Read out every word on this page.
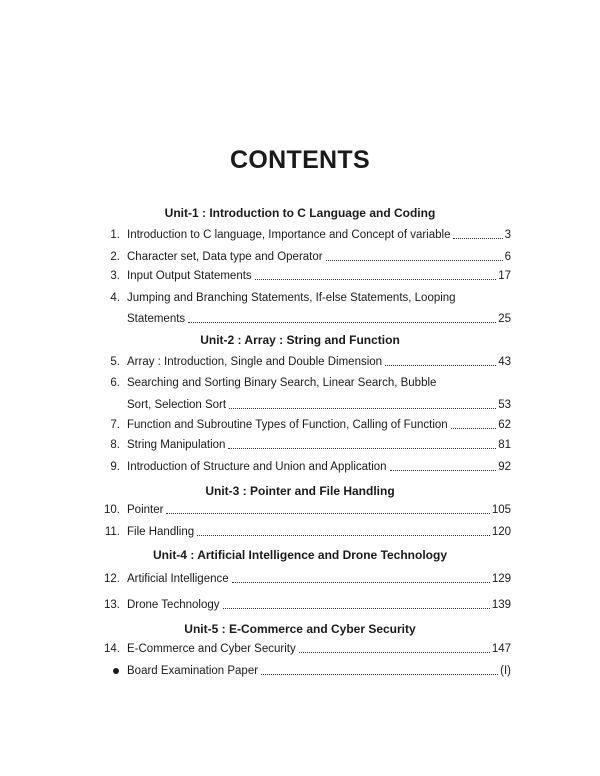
CONTENTS
Unit-1 : Introduction to C Language and Coding
1. Introduction to C language, Importance and Concept of variable	3
2. Character set, Data type and Operator	6
3. Input Output Statements	17
4. Jumping and Branching Statements, If-else Statements, Looping
Statements	25
Unit-2 : Array : String and Function
5. Array : Introduction, Single and Double Dimension	43
6. Searching and Sorting Binary Search, Linear Search, Bubble
Sort, Selection Sort	53
7. Function and Subroutine Types of Function, Calling of Function	62
8. String Manipulation	81
9. Introduction of Structure and Union and Application	92
Unit-3 : Pointer and File Handling
10. Pointer	105
11. File Handling	120
Unit-4 : Artificial Intelligence and Drone Technology
12. Artificial Intelligence	129
13. Drone Technology	139
Unit-5 : E-Commerce and Cyber Security
14. E-Commerce and Cyber Security	147
Board Examination Paper	(I)
